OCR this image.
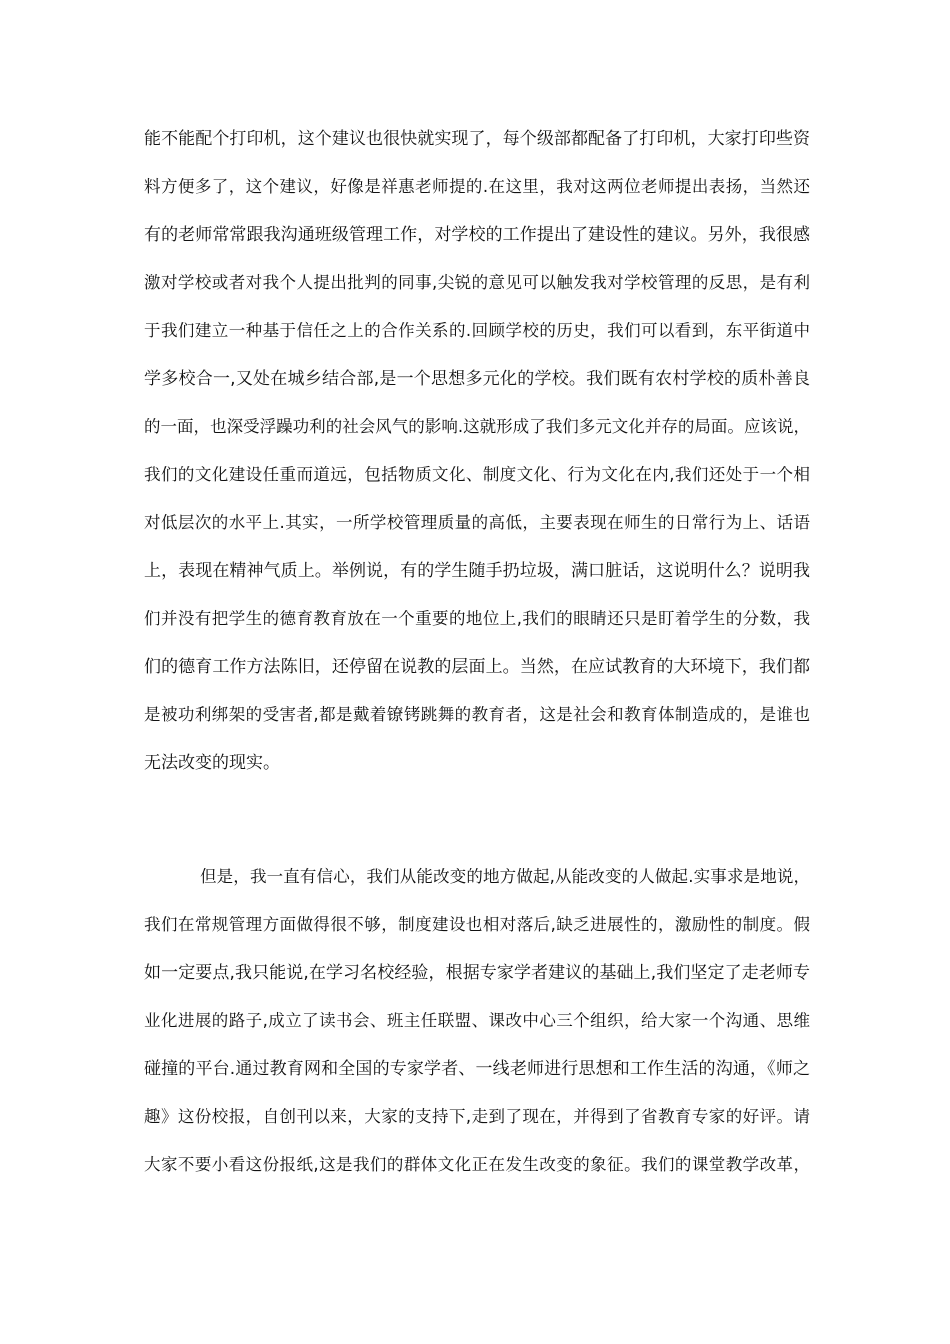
能不能配个打印机，这个建议也很快就实现了，每个级部都配备了打印机，大家打印些资
料方便多了，这个建议，好像是祥惠老师提的.在这里，我对这两位老师提出表扬，当然还
有的老师常常跟我沟通班级管理工作，对学校的工作提出了建设性的建议。另外，我很感
激对学校或者对我个人提出批判的同事,尖锐的意见可以触发我对学校管理的反思，是有利
于我们建立一种基于信任之上的合作关系的.回顾学校的历史，我们可以看到，东平街道中
学多校合一,又处在城乡结合部,是一个思想多元化的学校。我们既有农村学校的质朴善良
的一面，也深受浮躁功利的社会风气的影响.这就形成了我们多元文化并存的局面。应该说，
我们的文化建设任重而道远，包括物质文化、制度文化、行为文化在内,我们还处于一个相
对低层次的水平上.其实，一所学校管理质量的高低，主要表现在师生的日常行为上、话语
上，表现在精神气质上。举例说，有的学生随手扔垃圾，满口脏话，这说明什么？说明我
们并没有把学生的德育教育放在一个重要的地位上,我们的眼睛还只是盯着学生的分数，我
们的德育工作方法陈旧，还停留在说教的层面上。当然，在应试教育的大环境下，我们都
是被功利绑架的受害者,都是戴着镣铐跳舞的教育者，这是社会和教育体制造成的，是谁也
无法改变的现实。
但是，我一直有信心，我们从能改变的地方做起,从能改变的人做起.实事求是地说，
我们在常规管理方面做得很不够，制度建设也相对落后,缺乏进展性的，激励性的制度。假
如一定要点,我只能说,在学习名校经验，根据专家学者建议的基础上,我们坚定了走老师专
业化进展的路子,成立了读书会、班主任联盟、课改中心三个组织，给大家一个沟通、思维
碰撞的平台.通过教育网和全国的专家学者、一线老师进行思想和工作生活的沟通，《师之
趣》这份校报，自创刊以来，大家的支持下,走到了现在，并得到了省教育专家的好评。请
大家不要小看这份报纸,这是我们的群体文化正在发生改变的象征。我们的课堂教学改革，
